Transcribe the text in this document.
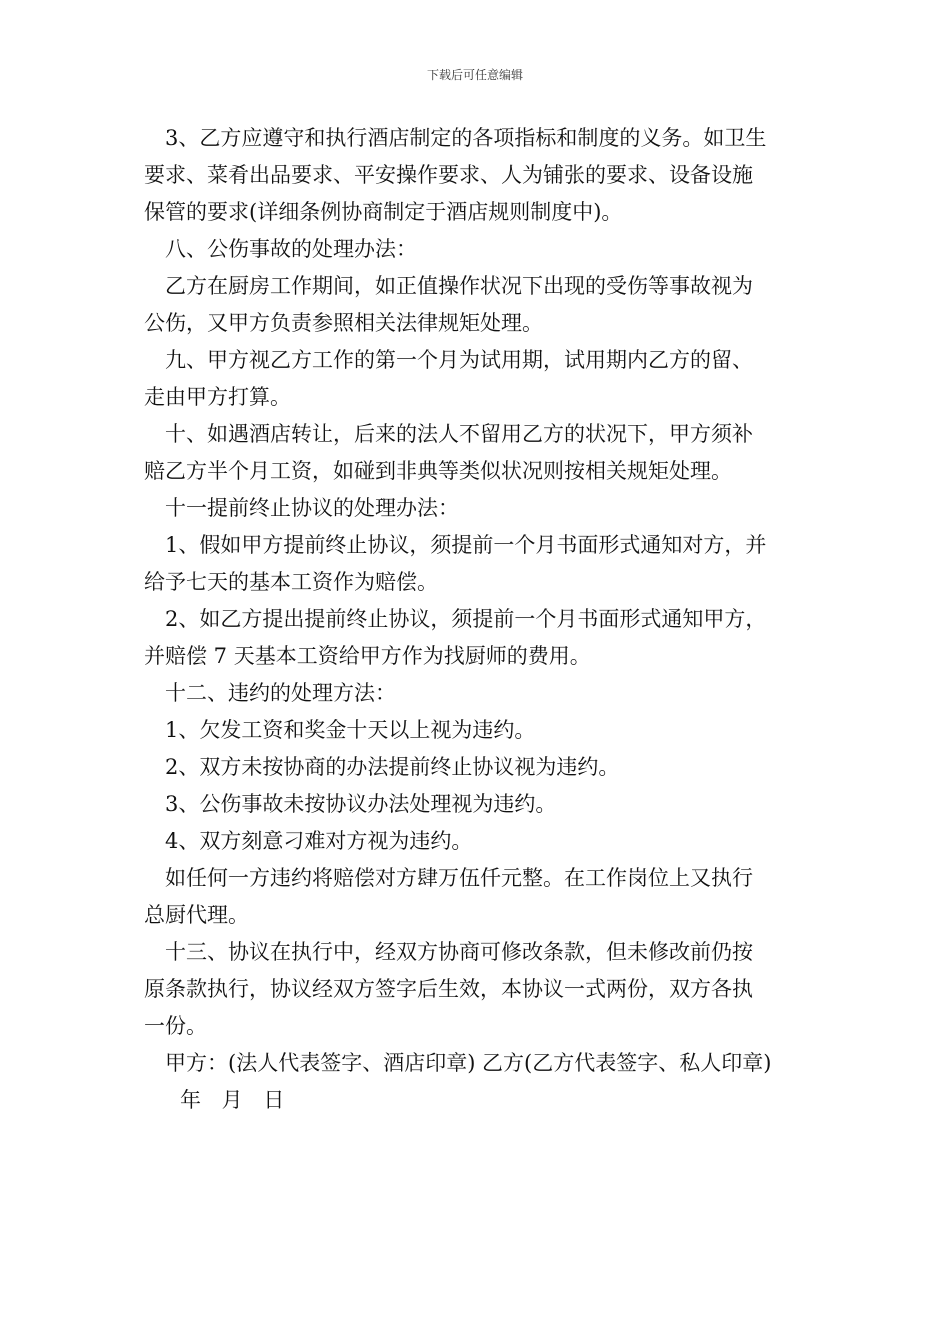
下载后可任意编辑

3、乙方应遵守和执行酒店制定的各项指标和制度的义务。如卫生
要求、菜肴出品要求、平安操作要求、人为铺张的要求、设备设施
保管的要求(详细条例协商制定于酒店规则制度中)。

八、公伤事故的处理办法：

乙方在厨房工作期间，如正值操作状况下出现的受伤等事故视为
公伤，又甲方负责参照相关法律规矩处理。

九、甲方视乙方工作的第一个月为试用期，试用期内乙方的留、
走由甲方打算。

十、如遇酒店转让，后来的法人不留用乙方的状况下，甲方须补
赔乙方半个月工资，如碰到非典等类似状况则按相关规矩处理。

十一提前终止协议的处理办法：

1、假如甲方提前终止协议，须提前一个月书面形式通知对方，并
给予七天的基本工资作为赔偿。

2、如乙方提出提前终止协议，须提前一个月书面形式通知甲方，
并赔偿 7 天基本工资给甲方作为找厨师的费用。

十二、违约的处理方法：

1、欠发工资和奖金十天以上视为违约。

2、双方未按协商的办法提前终止协议视为违约。

3、公伤事故未按协议办法处理视为违约。

4、双方刻意刁难对方视为违约。

如任何一方违约将赔偿对方肆万伍仟元整。在工作岗位上又执行
总厨代理。

十三、协议在执行中，经双方协商可修改条款，但未修改前仍按
原条款执行，协议经双方签字后生效，本协议一式两份，双方各执
一份。

甲方：(法人代表签字、酒店印章) 乙方(乙方代表签字、私人印章)

年 月 日
